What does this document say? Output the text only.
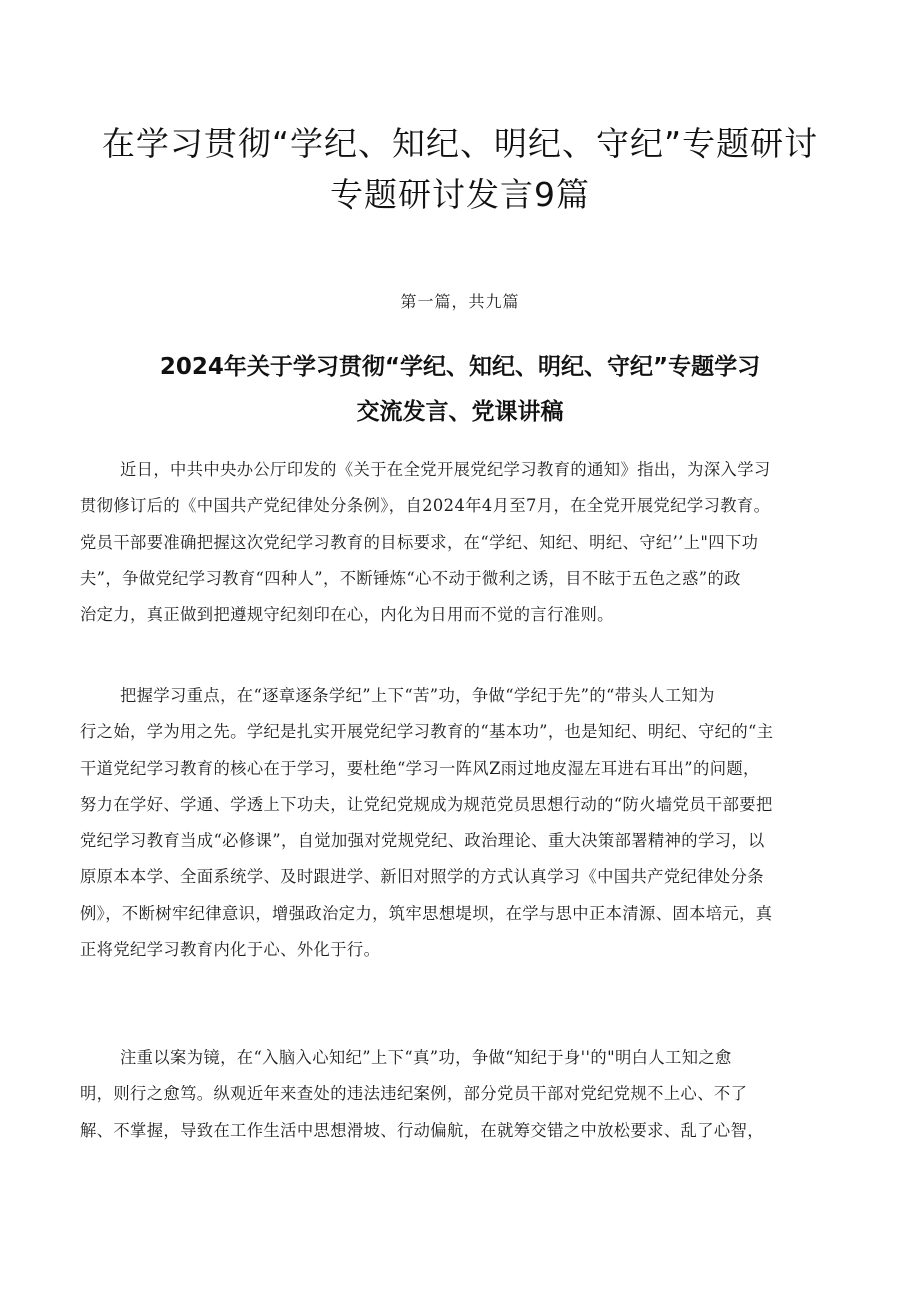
在学习贯彻“学纪、知纪、明纪、守纪”专题研讨
专题研讨发言9篇
第一篇，共九篇
2024年关于学习贯彻“学纪、知纪、明纪、守纪”专题学习
交流发言、党课讲稿
近日，中共中央办公厅印发的《关于在全党开展党纪学习教育的通知》指出，为深入学习
贯彻修订后的《中国共产党纪律处分条例》，自2024年4月至7月，在全党开展党纪学习教育。
党员干部要准确把握这次党纪学习教育的目标要求，在“学纪、知纪、明纪、守纪’’上"四下功
夫”，争做党纪学习教育“四种人”，不断锤炼“心不动于微利之诱，目不眩于五色之惑”的政
治定力，真正做到把遵规守纪刻印在心，内化为日用而不觉的言行准则。
把握学习重点，在“逐章逐条学纪”上下“苦”功，争做“学纪于先”的“带头人工知为
行之始，学为用之先。学纪是扎实开展党纪学习教育的“基本功”，也是知纪、明纪、守纪的“主
干道党纪学习教育的核心在于学习，要杜绝“学习一阵风Z雨过地皮湿左耳进右耳出”的问题，
努力在学好、学通、学透上下功夫，让党纪党规成为规范党员思想行动的“防火墙党员干部要把
党纪学习教育当成“必修课”，自觉加强对党规党纪、政治理论、重大决策部署精神的学习，以
原原本本学、全面系统学、及时跟进学、新旧对照学的方式认真学习《中国共产党纪律处分条
例》，不断树牢纪律意识，增强政治定力，筑牢思想堤坝，在学与思中正本清源、固本培元，真
正将党纪学习教育内化于心、外化于行。
注重以案为镜，在“入脑入心知纪”上下“真”功，争做“知纪于身''的"明白人工知之愈
明，则行之愈笃。纵观近年来查处的违法违纪案例，部分党员干部对党纪党规不上心、不了
解、不掌握，导致在工作生活中思想滑坡、行动偏航，在就筹交错之中放松要求、乱了心智，
